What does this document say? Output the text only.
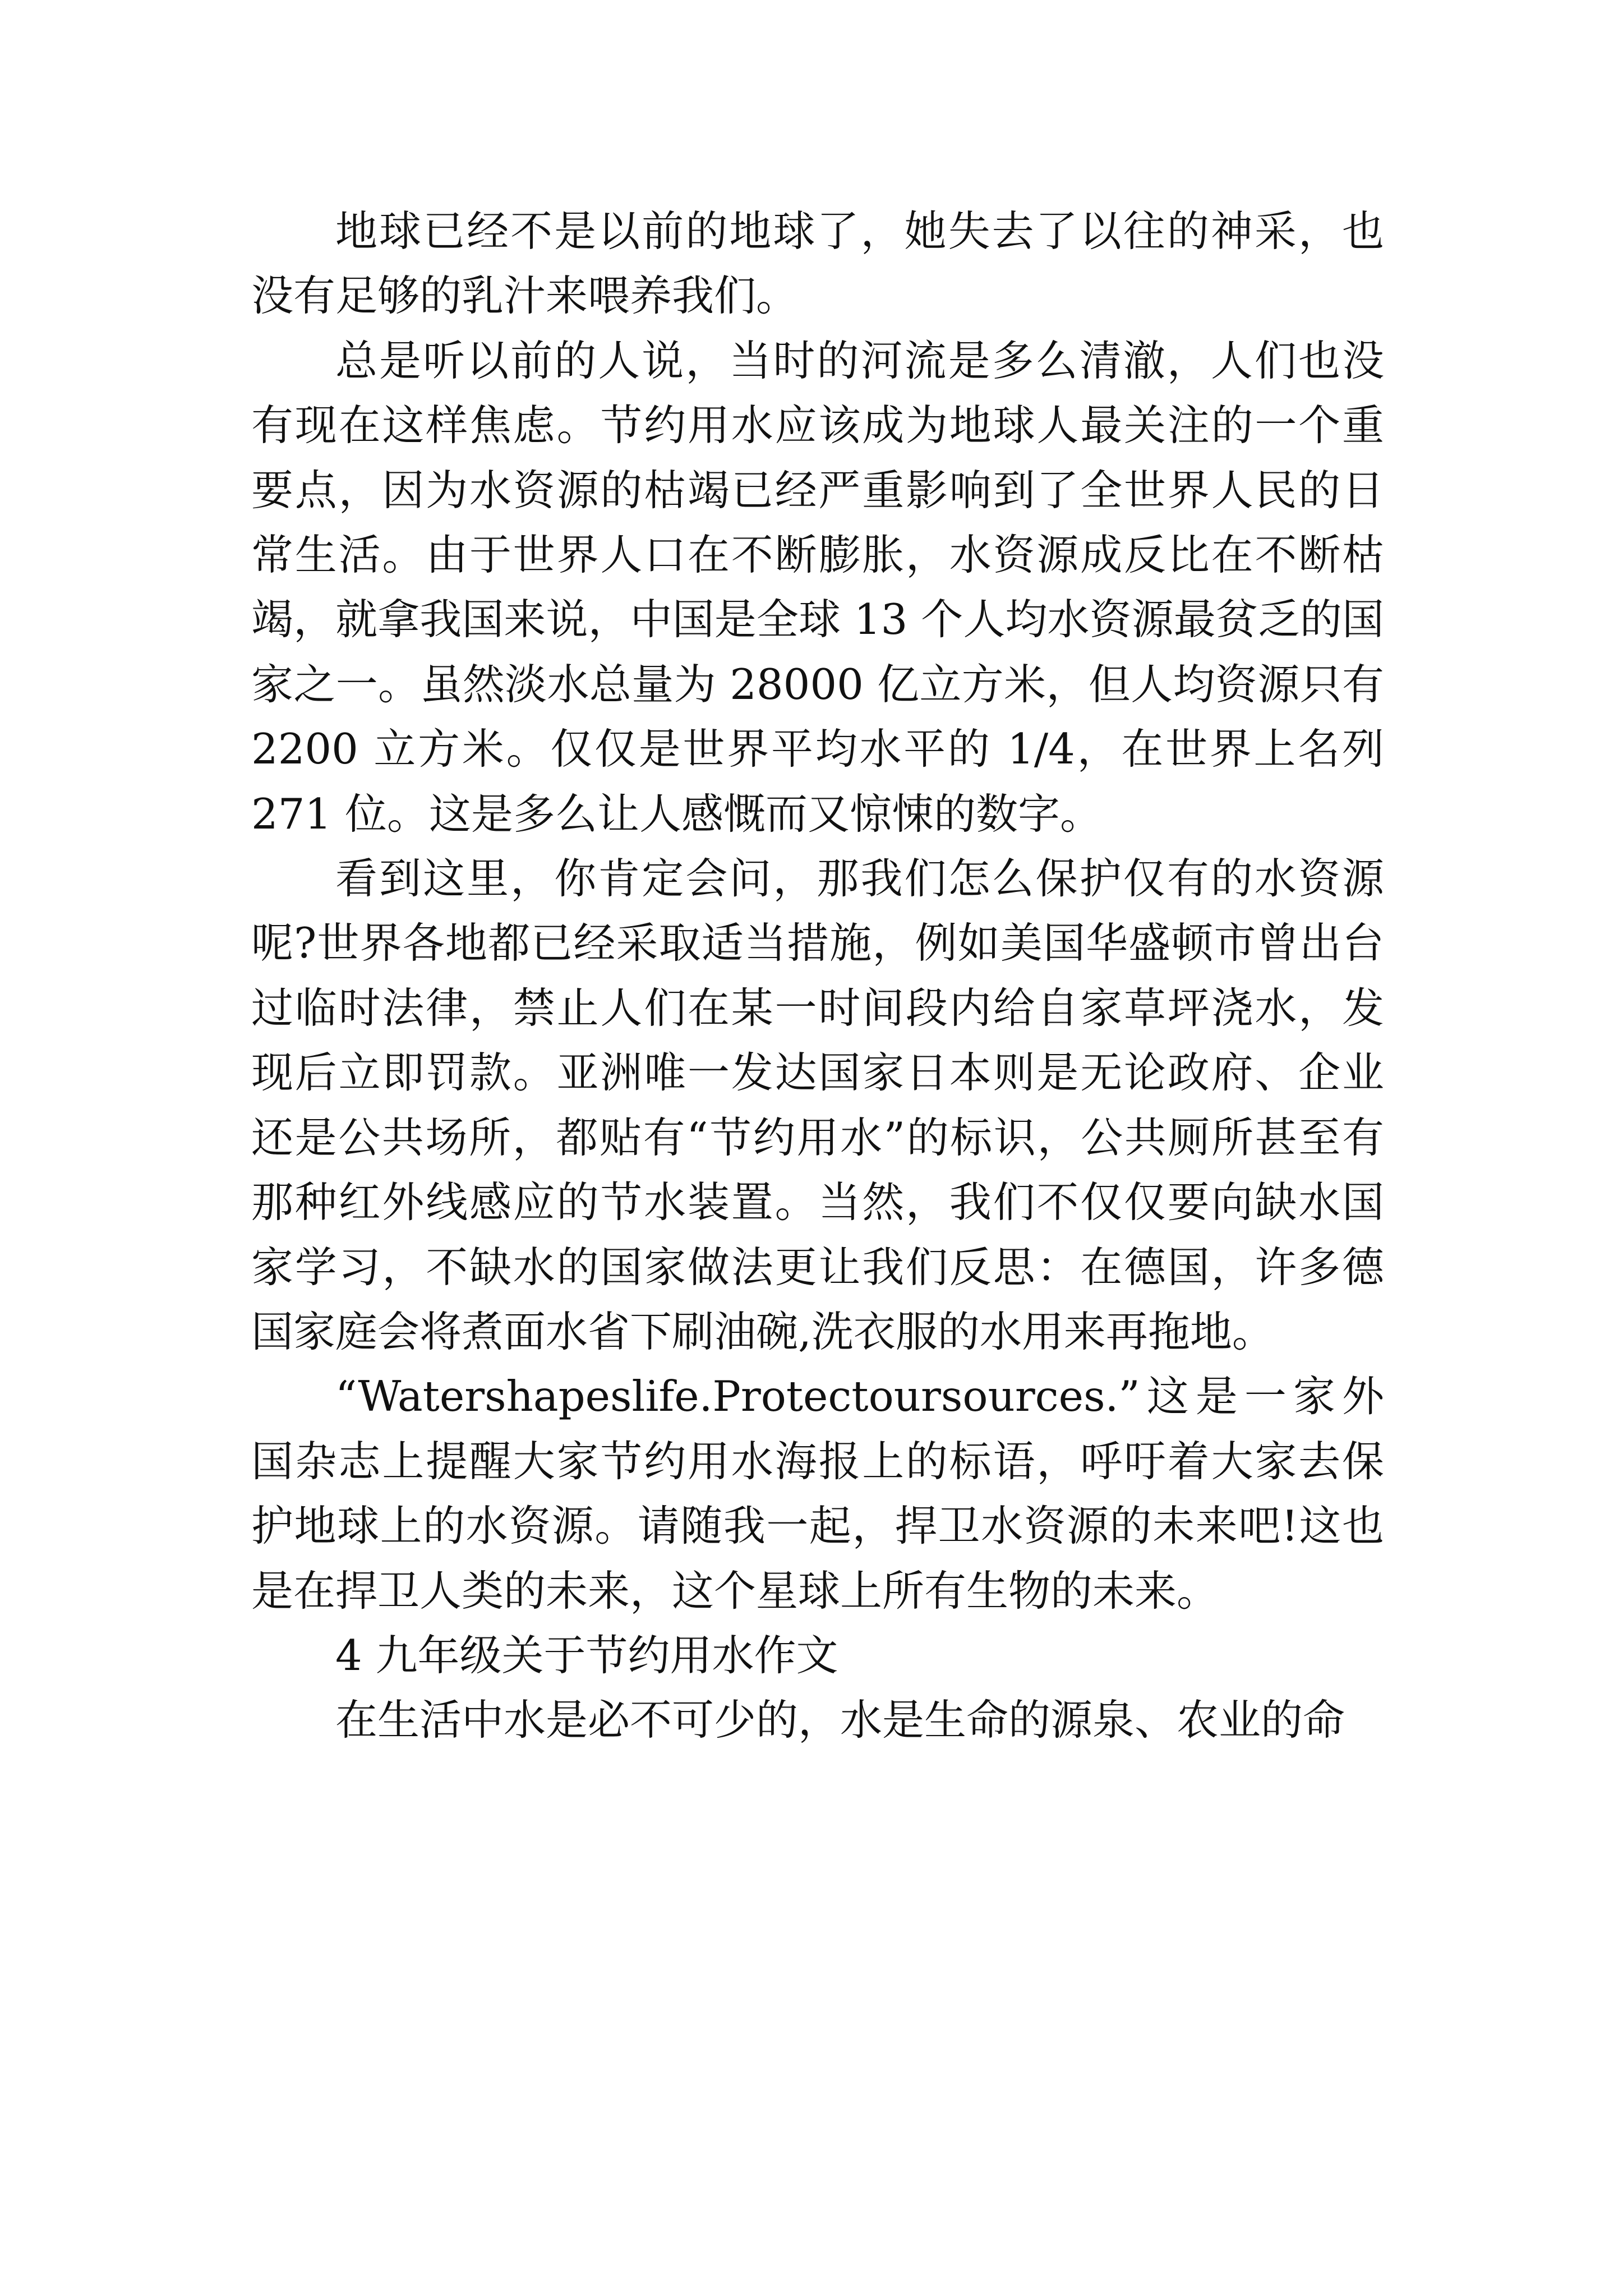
地球已经不是以前的地球了，她失去了以往的神采，也没有足够的乳汁来喂养我们。

总是听以前的人说，当时的河流是多么清澈，人们也没有现在这样焦虑。节约用水应该成为地球人最关注的一个重要点，因为水资源的枯竭已经严重影响到了全世界人民的日常生活。由于世界人口在不断膨胀，水资源成反比在不断枯竭，就拿我国来说，中国是全球 13 个人均水资源最贫乏的国家之一。虽然淡水总量为 28000 亿立方米，但人均资源只有 2200 立方米。仅仅是世界平均水平的 1/4，在世界上名列 271 位。这是多么让人感慨而又惊悚的数字。

看到这里，你肯定会问，那我们怎么保护仅有的水资源呢?世界各地都已经采取适当措施，例如美国华盛顿市曾出台过临时法律，禁止人们在某一时间段内给自家草坪浇水，发现后立即罚款。亚洲唯一发达国家日本则是无论政府、企业还是公共场所，都贴有“节约用水”的标识，公共厕所甚至有那种红外线感应的节水装置。当然，我们不仅仅要向缺水国家学习，不缺水的国家做法更让我们反思：在德国，许多德国家庭会将煮面水省下刷油碗,洗衣服的水用来再拖地。

“Watershapeslife.Protectoursources.”这是一家外国杂志上提醒大家节约用水海报上的标语，呼吁着大家去保护地球上的水资源。请随我一起，捍卫水资源的未来吧!这也是在捍卫人类的未来，这个星球上所有生物的未来。

4 九年级关于节约用水作文

在生活中水是必不可少的，水是生命的源泉、农业的命
